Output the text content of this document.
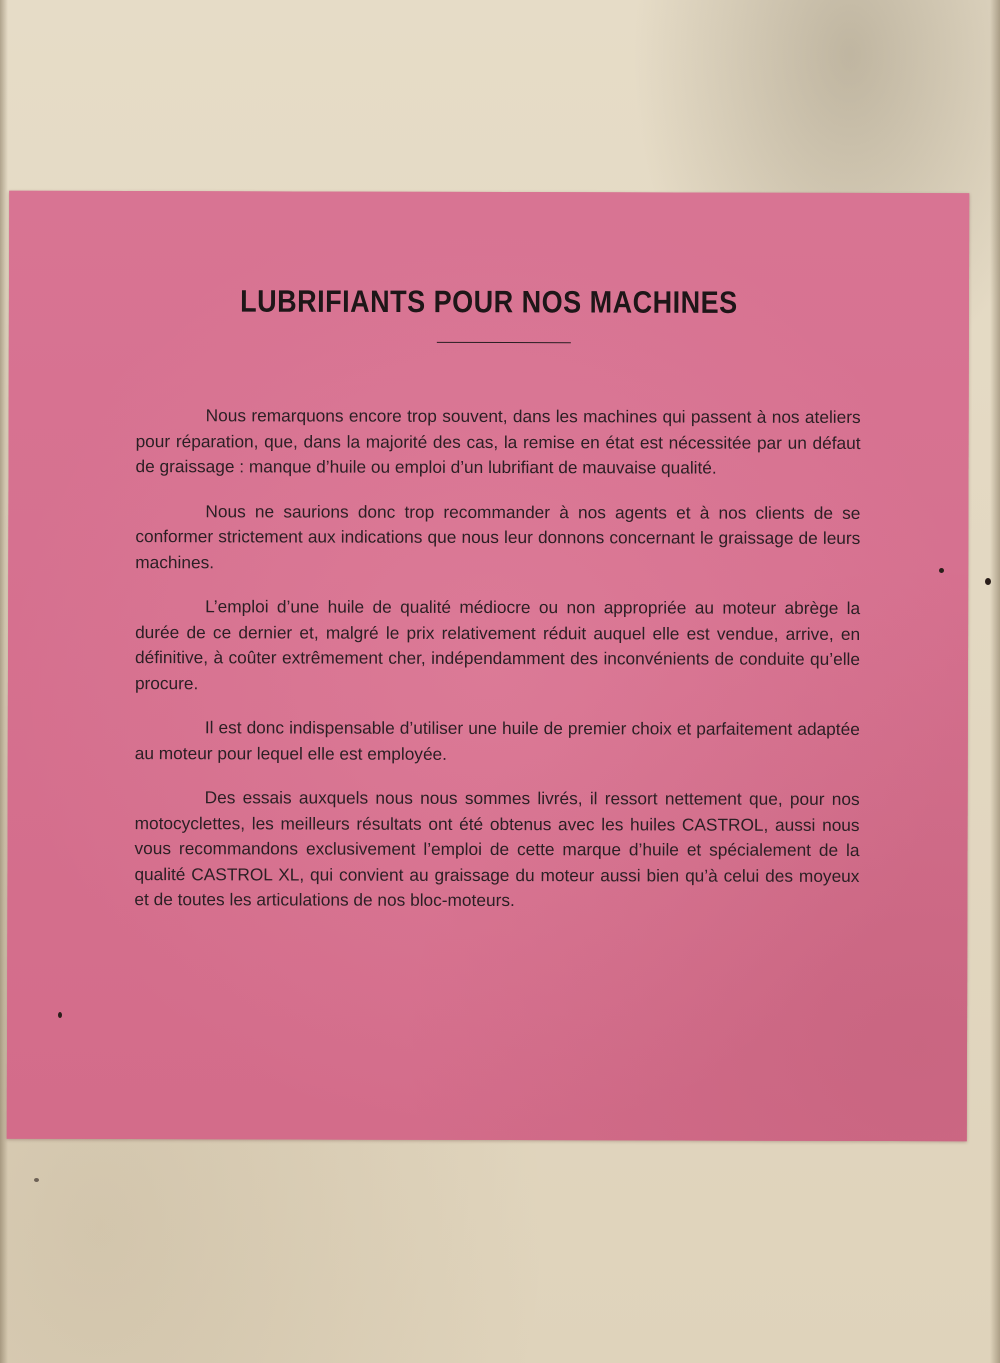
LUBRIFIANTS POUR NOS MACHINES

Nous remarquons encore trop souvent, dans les machines qui passent à nos ateliers pour réparation, que, dans la majorité des cas, la remise en état est nécessitée par un défaut de graissage : manque d’huile ou emploi d’un lubrifiant de mauvaise qualité.

Nous ne saurions donc trop recommander à nos agents et à nos clients de se conformer strictement aux indications que nous leur donnons concernant le graissage de leurs machines.

L’emploi d’une huile de qualité médiocre ou non appropriée au moteur abrège la durée de ce dernier et, malgré le prix relativement réduit auquel elle est vendue, arrive, en définitive, à coûter extrêmement cher, indépendamment des inconvénients de conduite qu’elle procure.

Il est donc indispensable d’utiliser une huile de premier choix et parfaitement adaptée au moteur pour lequel elle est employée.

Des essais auxquels nous nous sommes livrés, il ressort nettement que, pour nos motocyclettes, les meilleurs résultats ont été obtenus avec les huiles CASTROL, aussi nous vous recommandons exclusivement l’emploi de cette marque d’huile et spécialement de la qualité CASTROL XL, qui convient au graissage du moteur aussi bien qu’à celui des moyeux et de toutes les articulations de nos bloc-moteurs.
